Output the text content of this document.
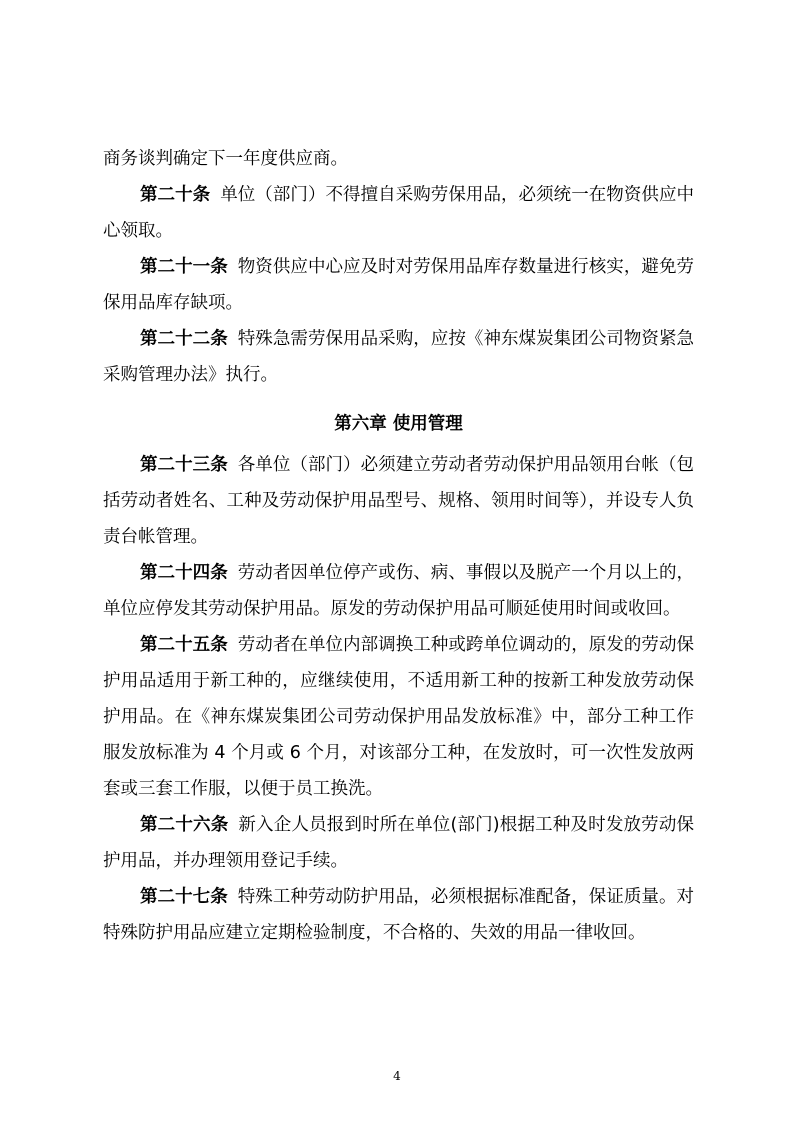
商务谈判确定下一年度供应商。

第二十条 单位（部门）不得擅自采购劳保用品，必须统一在物资供应中心领取。

第二十一条 物资供应中心应及时对劳保用品库存数量进行核实，避免劳保用品库存缺项。

第二十二条 特殊急需劳保用品采购，应按《神东煤炭集团公司物资紧急采购管理办法》执行。

第六章 使用管理

第二十三条 各单位（部门）必须建立劳动者劳动保护用品领用台帐（包括劳动者姓名、工种及劳动保护用品型号、规格、领用时间等），并设专人负责台帐管理。

第二十四条 劳动者因单位停产或伤、病、事假以及脱产一个月以上的，单位应停发其劳动保护用品。原发的劳动保护用品可顺延使用时间或收回。

第二十五条 劳动者在单位内部调换工种或跨单位调动的，原发的劳动保护用品适用于新工种的，应继续使用，不适用新工种的按新工种发放劳动保护用品。在《神东煤炭集团公司劳动保护用品发放标准》中，部分工种工作服发放标准为 4 个月或 6 个月，对该部分工种，在发放时，可一次性发放两套或三套工作服，以便于员工换洗。

第二十六条 新入企人员报到时所在单位(部门)根据工种及时发放劳动保护用品，并办理领用登记手续。

第二十七条 特殊工种劳动防护用品，必须根据标准配备，保证质量。对特殊防护用品应建立定期检验制度，不合格的、失效的用品一律收回。

4
